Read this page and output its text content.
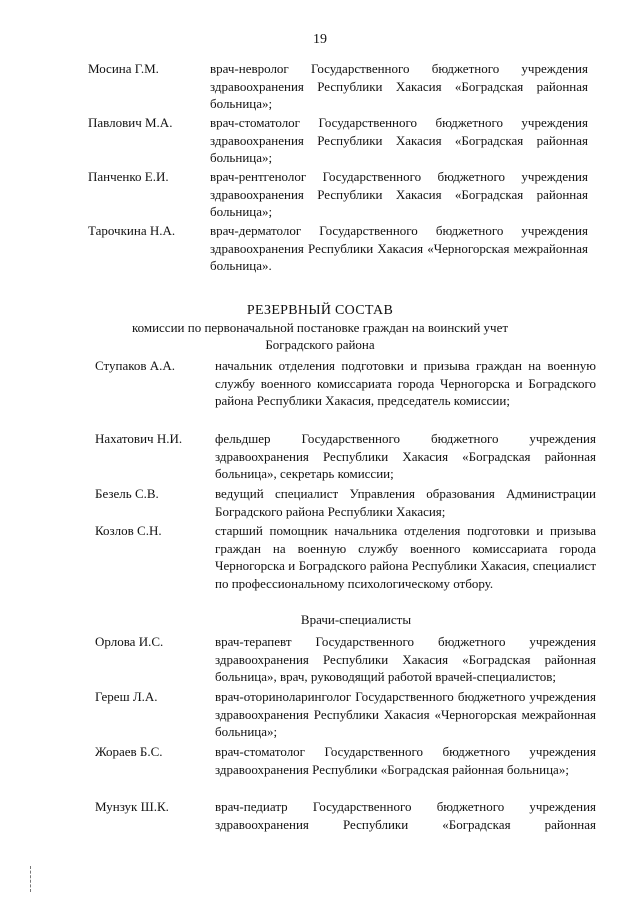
19
Мосина Г.М.	врач-невролог Государственного бюджетного учреждения здравоохранения Республики Хакасия «Боградская районная больница»;
Павлович М.А.	врач-стоматолог Государственного бюджетного учреждения здравоохранения Республики Хакасия «Боградская районная больница»;
Панченко Е.И.	врач-рентгенолог Государственного бюджетного учреждения здравоохранения Республики Хакасия «Боградская районная больница»;
Тарочкина Н.А.	врач-дерматолог Государственного бюджетного учреждения здравоохранения Республики Хакасия «Черногорская межрайонная больница».
РЕЗЕРВНЫЙ СОСТАВ
комиссии по первоначальной постановке граждан на воинский учет
Боградского района
Ступаков А.А.	начальник отделения подготовки и призыва граждан на военную службу военного комиссариата города Черногорска и Боградского района Республики Хакасия, председатель комиссии;
Нахатович Н.И.	фельдшер Государственного бюджетного учреждения здравоохранения Республики Хакасия «Боградская районная больница», секретарь комиссии;
Безель С.В.	ведущий специалист Управления образования Администрации Боградского района Республики Хакасия;
Козлов С.Н.	старший помощник начальника отделения подготовки и призыва граждан на военную службу военного комиссариата города Черногорска и Боградского района Республики Хакасия, специалист по профессиональному психологическому отбору.
Врачи-специалисты
Орлова И.С.	врач-терапевт Государственного бюджетного учреждения здравоохранения Республики Хакасия «Боградская районная больница», врач, руководящий работой врачей-специалистов;
Гереш Л.А.	врач-оториноларинголог Государственного бюджетного учреждения здравоохранения Республики Хакасия «Черногорская межрайонная больница»;
Жораев Б.С.	врач-стоматолог Государственного бюджетного учреждения здравоохранения Республики «Боградская районная больница»;
Мунзук Ш.К.	врач-педиатр Государственного бюджетного учреждения здравоохранения Республики «Боградская районная
